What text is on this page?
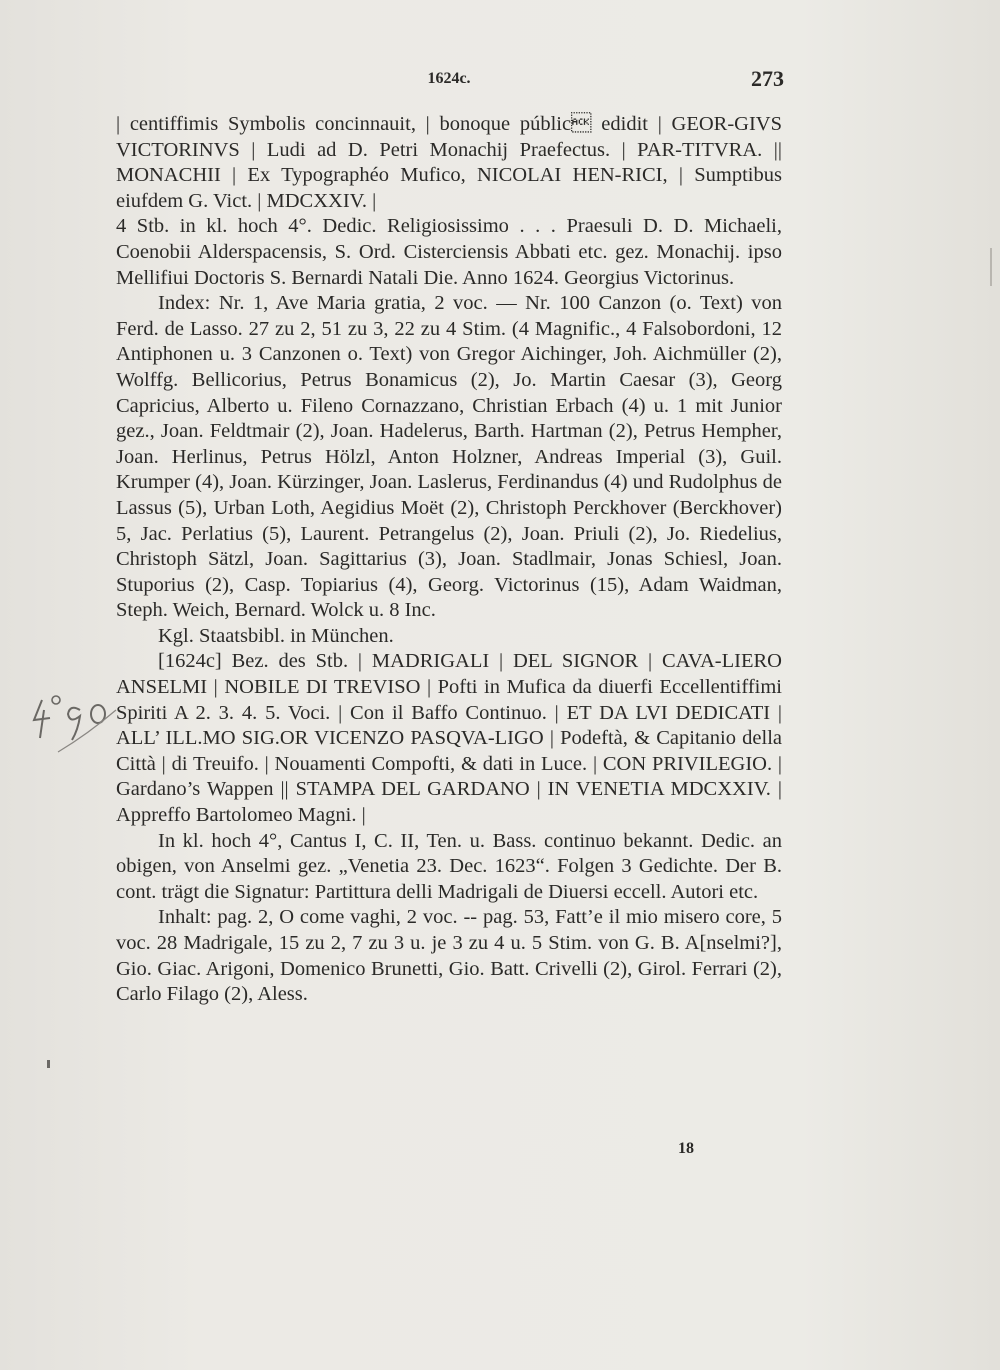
1624c.	273

| centiffimis Symbolis concinnauit, | bonoque públic edidit | GEOR-GIVS VICTORINVS | Ludi ad D. Petri Monachij Praefectus. | PAR-TITVRA. || MONACHII | Ex Typographéo Mufico, NICOLAI HEN-RICI, | Sumptibus eiufdem G. Vict. | MDCXXIV. |

4 Stb. in kl. hoch 4°. Dedic. Religiosissimo . . . Praesuli D. D. Michaeli, Coenobii Alderspacensis, S. Ord. Cisterciensis Abbati etc. gez. Monachij. ipso Mellifiui Doctoris S. Bernardi Natali Die. Anno 1624. Georgius Victorinus.

Index: Nr. 1, Ave Maria gratia, 2 voc. — Nr. 100 Canzon (o. Text) von Ferd. de Lasso. 27 zu 2, 51 zu 3, 22 zu 4 Stim. (4 Magnific., 4 Falsobordoni, 12 Antiphonen u. 3 Canzonen o. Text) von Gregor Aichinger, Joh. Aichmüller (2), Wolffg. Bellicorius, Petrus Bonamicus (2), Jo. Martin Caesar (3), Georg Capricius, Alberto u. Fileno Cornazzano, Christian Erbach (4) u. 1 mit Junior gez., Joan. Feldtmair (2), Joan. Hadelerus, Barth. Hartman (2), Petrus Hempher, Joan. Herlinus, Petrus Hölzl, Anton Holzner, Andreas Imperial (3), Guil. Krumper (4), Joan. Kürzinger, Joan. Laslerus, Ferdinandus (4) und Rudolphus de Lassus (5), Urban Loth, Aegidius Moët (2), Christoph Perckhover (Berckhover) 5, Jac. Perlatius (5), Laurent. Petrangelus (2), Joan. Priuli (2), Jo. Riedelius, Christoph Sätzl, Joan. Sagittarius (3), Joan. Stadlmair, Jonas Schiesl, Joan. Stuporius (2), Casp. Topiarius (4), Georg. Victorinus (15), Adam Waidman, Steph. Weich, Bernard. Wolck u. 8 Inc.

Kgl. Staatsbibl. in München.

[1624c] Bez. des Stb. | MADRIGALI | DEL SIGNOR | CAVA-LIERO ANSELMI | NOBILE DI TREVISO | Pofti in Mufica da diuerfi Eccellentiffimi Spiriti A 2. 3. 4. 5. Voci. | Con il Baffo Continuo. | ET DA LVI DEDICATI | ALL’ ILL.MO SIG.OR VICENZO PASQVA-LIGO | Podeftà, & Capitanio della Città | di Treuifo. | Nouamenti Compofti, & dati in Luce. | CON PRIVILEGIO. | Gardano’s Wappen || STAMPA DEL GARDANO | IN VENETIA MDCXXIV. | Appreffo Bartolomeo Magni. |

In kl. hoch 4°, Cantus I, C. II, Ten. u. Bass. continuo bekannt. Dedic. an obigen, von Anselmi gez. „Venetia 23. Dec. 1623“. Folgen 3 Gedichte. Der B. cont. trägt die Signatur: Partittura delli Madrigali de Diuersi eccell. Autori etc.

Inhalt: pag. 2, O come vaghi, 2 voc. -- pag. 53, Fatt’e il mio misero core, 5 voc. 28 Madrigale, 15 zu 2, 7 zu 3 u. je 3 zu 4 u. 5 Stim. von G. B. A[nselmi?], Gio. Giac. Arigoni, Domenico Brunetti, Gio. Batt. Crivelli (2), Girol. Ferrari (2), Carlo Filago (2), Aless.

18
